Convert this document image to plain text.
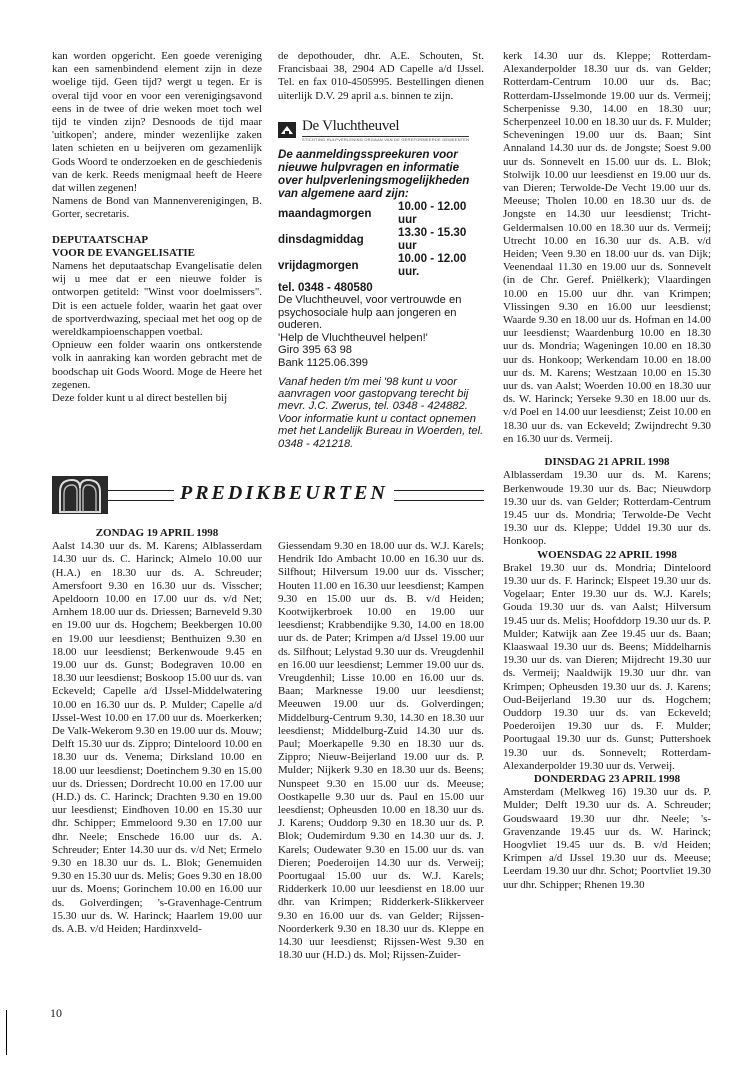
kan worden opgericht. Een goede vereniging kan een samenbindend element zijn in deze woelige tijd. Geen tijd? wergt u tegen. Er is overal tijd voor en voor een verenigingsavond eens in de twee of drie weken moet toch wel tijd te vinden zijn? Desnoods de tijd maar 'uitkopen'; andere, minder wezenlijke zaken laten schieten en u beijveren om gezamenlijk Gods Woord te onderzoeken en de geschiedenis van de kerk. Reeds menigmaal heeft de Heere dat willen zegenen!

Namens de Bond van Mannenverenigingen, B. Gorter, secretaris.

DEPUTAATSCHAP

VOOR DE EVANGELISATIE

Namens het deputaatschap Evangelisatie delen wij u mee dat er een nieuwe folder is ontworpen getiteld: "Winst voor doelmissers". Dit is een actuele folder, waarin het gaat over de sportverdwazing, speciaal met het oog op de wereldkampioenschappen voetbal.

Opnieuw een folder waarin ons ontkerstende volk in aanraking kan worden gebracht met de boodschap uit Gods Woord. Moge de Heere het zegenen.

Deze folder kunt u al direct bestellen bij

de depothouder, dhr. A.E. Schouten, St. Francisbaai 38, 2904 AD Capelle a/d IJssel. Tel. en fax 010-4505995. Bestellingen dienen uiterlijk D.V. 29 april a.s. binnen te zijn.

De Vluchtheuvel
STICHTING HULPVERLENING ORGAAN VAN DE GEREFORMEERDE GEMEENTEN
De aanmeldingsspreekuren voor nieuwe hulpvragen en informatie over hulpverleningsmogelijkheden van algemene aard zijn:
maandagmorgen	10.00 - 12.00 uur
dinsdagmiddag	13.30 - 15.30 uur
vrijdagmorgen	10.00 - 12.00 uur.
tel. 0348 - 480580
De Vluchtheuvel, voor vertrouwde en psychosociale hulp aan jongeren en ouderen.
'Help de Vluchtheuvel helpen!'
Giro 395 63 98
Bank 1125.06.399
Vanaf heden t/m mei '98 kunt u voor aanvragen voor gastopvang terecht bij mevr. J.C. Zwerus, tel. 0348 - 424882. Voor informatie kunt u contact opnemen met het Landelijk Bureau in Woerden, tel. 0348 - 421218.

kerk 14.30 uur ds. Kleppe; Rotterdam-Alexanderpolder 18.30 uur ds. van Gelder; Rotterdam-Centrum 10.00 uur ds. Bac; Rotterdam-IJsselmonde 19.00 uur ds. Vermeij; Scherpenisse 9.30, 14.00 en 18.30 uur; Scherpenzeel 10.00 en 18.30 uur ds. F. Mulder; Scheveningen 19.00 uur ds. Baan; Sint Annaland 14.30 uur ds. de Jongste; Soest 9.00 uur ds. Sonnevelt en 15.00 uur ds. L. Blok; Stolwijk 10.00 uur leesdienst en 19.00 uur ds. van Dieren; Terwolde-De Vecht 19.00 uur ds. Meeuse; Tholen 10.00 en 18.30 uur ds. de Jongste en 14.30 uur leesdienst; Tricht-Geldermalsen 10.00 en 18.30 uur ds. Vermeij; Utrecht 10.00 en 16.30 uur ds. A.B. v/d Heiden; Veen 9.30 en 18.00 uur ds. van Dijk; Veenendaal 11.30 en 19.00 uur ds. Sonnevelt (in de Chr. Geref. Pniëlkerk); Vlaardingen 10.00 en 15.00 uur dhr. van Krimpen; Vlissingen 9.30 en 16.00 uur leesdienst; Waarde 9.30 en 18.00 uur ds. Hofman en 14.00 uur leesdienst; Waardenburg 10.00 en 18.30 uur ds. Mondria; Wageningen 10.00 en 18.30 uur ds. Honkoop; Werkendam 10.00 en 18.00 uur ds. M. Karens; Westzaan 10.00 en 15.30 uur ds. van Aalst; Woerden 10.00 en 18.30 uur ds. W. Harinck; Yerseke 9.30 en 18.00 uur ds. v/d Poel en 14.00 uur leesdienst; Zeist 10.00 en 18.30 uur ds. van Eckeveld; Zwijndrecht 9.30 en 16.30 uur ds. Vermeij.

DINSDAG 21 APRIL 1998

Alblasserdam 19.30 uur ds. M. Karens; Berkenwoude 19.30 uur ds. Bac; Nieuwdorp 19.30 uur ds. van Gelder; Rotterdam-Centrum 19.45 uur ds. Mondria; Terwolde-De Vecht 19.30 uur ds. Kleppe; Uddel 19.30 uur ds. Honkoop.

WOENSDAG 22 APRIL 1998

Brakel 19.30 uur ds. Mondria; Dinteloord 19.30 uur ds. F. Harinck; Elspeet 19.30 uur ds. Vogelaar; Enter 19.30 uur ds. W.J. Karels; Gouda 19.30 uur ds. van Aalst; Hilversum 19.45 uur ds. Melis; Hoofddorp 19.30 uur ds. P. Mulder; Katwijk aan Zee 19.45 uur ds. Baan; Klaaswaal 19.30 uur ds. Beens; Middelharnis 19.30 uur ds. van Dieren; Mijdrecht 19.30 uur ds. Vermeij; Naaldwijk 19.30 uur dhr. van Krimpen; Opheusden 19.30 uur ds. J. Karens; Oud-Beijerland 19.30 uur ds. Hogchem; Ouddorp 19.30 uur ds. van Eckeveld; Poederoijen 19.30 uur ds. F. Mulder; Poortugaal 19.30 uur ds. Gunst; Puttershoek 19.30 uur ds. Sonnevelt; Rotterdam-Alexanderpolder 19.30 uur ds. Verweij.

DONDERDAG 23 APRIL 1998

Amsterdam (Melkweg 16) 19.30 uur ds. P. Mulder; Delft 19.30 uur ds. A. Schreuder; Goudswaard 19.30 uur dhr. Neele; 's-Gravenzande 19.45 uur ds. W. Harinck; Hoogvliet 19.45 uur ds. B. v/d Heiden; Krimpen a/d IJssel 19.30 uur ds. Meeuse; Leerdam 19.30 uur dhr. Schot; Poortvliet 19.30 uur dhr. Schipper; Rhenen 19.30

PREDIKBEURTEN

ZONDAG 19 APRIL 1998

Aalst 14.30 uur ds. M. Karens; Alblasserdam 14.30 uur ds. C. Harinck; Almelo 10.00 uur (H.A.) en 18.30 uur ds. A. Schreuder; Amersfoort 9.30 en 16.30 uur ds. Visscher; Apeldoorn 10.00 en 17.00 uur ds. v/d Net; Arnhem 18.00 uur ds. Driessen; Barneveld 9.30 en 19.00 uur ds. Hogchem; Beekbergen 10.00 en 19.00 uur leesdienst; Benthuizen 9.30 en 18.00 uur leesdienst; Berkenwoude 9.45 en 19.00 uur ds. Gunst; Bodegraven 10.00 en 18.30 uur leesdienst; Boskoop 15.00 uur ds. van Eckeveld; Capelle a/d IJssel-Middelwatering 10.00 en 16.30 uur ds. P. Mulder; Capelle a/d IJssel-West 10.00 en 17.00 uur ds. Moerkerken; De Valk-Wekerom 9.30 en 19.00 uur ds. Mouw; Delft 15.30 uur ds. Zippro; Dinteloord 10.00 en 18.30 uur ds. Venema; Dirksland 10.00 en 18.00 uur leesdienst; Doetinchem 9.30 en 15.00 uur ds. Driessen; Dordrecht 10.00 en 17.00 uur (H.D.) ds. C. Harinck; Drachten 9.30 en 19.00 uur leesdienst; Eindhoven 10.00 en 15.30 uur dhr. Schipper; Emmeloord 9.30 en 17.00 uur dhr. Neele; Enschede 16.00 uur ds. A. Schreuder; Enter 14.30 uur ds. v/d Net; Ermelo 9.30 en 18.30 uur ds. L. Blok; Genemuiden 9.30 en 15.30 uur ds. Melis; Goes 9.30 en 18.00 uur ds. Moens; Gorinchem 10.00 en 16.00 uur ds. Golverdingen; 's-Gravenhage-Centrum 15.30 uur ds. W. Harinck; Haarlem 19.00 uur ds. A.B. v/d Heiden; Hardinxveld-

Giessendam 9.30 en 18.00 uur ds. W.J. Karels; Hendrik Ido Ambacht 10.00 en 16.30 uur ds. Silfhout; Hilversum 19.00 uur ds. Visscher; Houten 11.00 en 16.30 uur leesdienst; Kampen 9.30 en 15.00 uur ds. B. v/d Heiden; Kootwijkerbroek 10.00 en 19.00 uur leesdienst; Krabbendijke 9.30, 14.00 en 18.00 uur ds. de Pater; Krimpen a/d IJssel 19.00 uur ds. Silfhout; Lelystad 9.30 uur ds. Vreugdenhil en 16.00 uur leesdienst; Lemmer 19.00 uur ds. Vreugdenhil; Lisse 10.00 en 16.00 uur ds. Baan; Marknesse 19.00 uur leesdienst; Meeuwen 19.00 uur ds. Golverdingen; Middelburg-Centrum 9.30, 14.30 en 18.30 uur leesdienst; Middelburg-Zuid 14.30 uur ds. Paul; Moerkapelle 9.30 en 18.30 uur ds. Zippro; Nieuw-Beijerland 19.00 uur ds. P. Mulder; Nijkerk 9.30 en 18.30 uur ds. Beens; Nunspeet 9.30 en 15.00 uur ds. Meeuse; Oostkapelle 9.30 uur ds. Paul en 15.00 uur leesdienst; Opheusden 10.00 en 18.30 uur ds. J. Karens; Ouddorp 9.30 en 18.30 uur ds. P. Blok; Oudemirdum 9.30 en 14.30 uur ds. J. Karels; Oudewater 9.30 en 15.00 uur ds. van Dieren; Poederoijen 14.30 uur ds. Verweij; Poortugaal 15.00 uur ds. W.J. Karels; Ridderkerk 10.00 uur leesdienst en 18.00 uur dhr. van Krimpen; Ridderkerk-Slikkerveer 9.30 en 16.00 uur ds. van Gelder; Rijssen-Noorderkerk 9.30 en 18.30 uur ds. Kleppe en 14.30 uur leesdienst; Rijssen-West 9.30 en 18.30 uur (H.D.) ds. Mol; Rijssen-Zuider-

10
